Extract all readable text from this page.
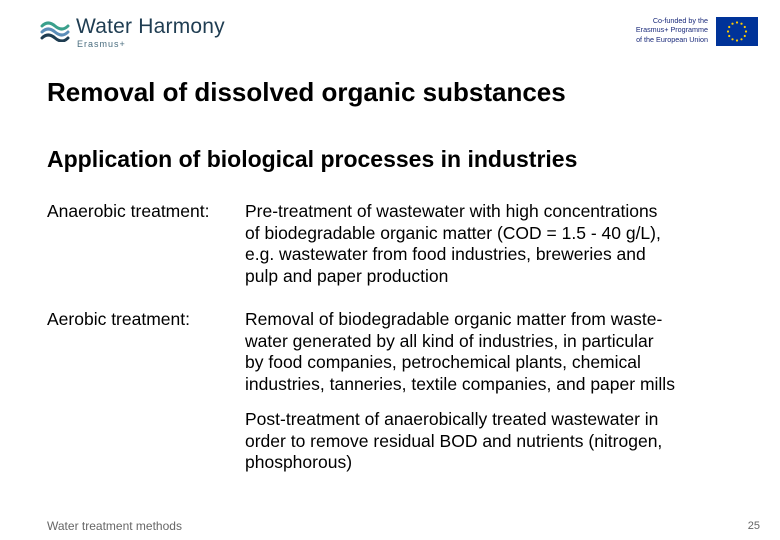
Water Harmony
Erasmus+
Co-funded by the
Erasmus+ Programme
of the European Union
Removal of dissolved organic substances
Application of biological processes in industries
Anaerobic treatment: Pre-treatment of wastewater with high concentrations
of biodegradable organic matter (COD = 1.5 - 40 g/L),
e.g. wastewater from food industries, breweries and
pulp and paper production

Aerobic treatment:	Removal of biodegradable organic matter from waste-
water generated by all kind of industries, in particular
by food companies, petrochemical plants, chemical
industries, tanneries, textile companies, and paper mills

Post-treatment of anaerobically treated wastewater in
order to remove residual BOD and nutrients (nitrogen,
phosphorous)

Water treatment methods	25
